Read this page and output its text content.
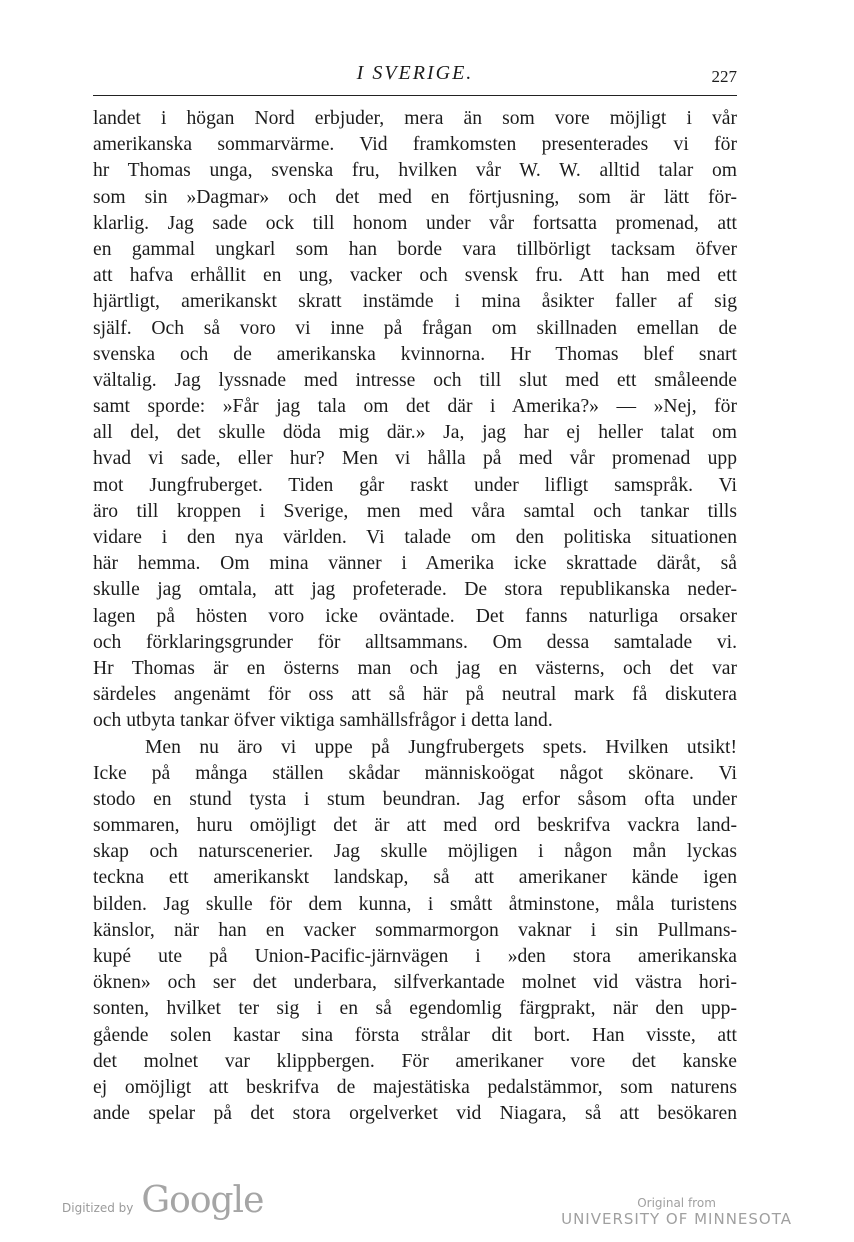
I SVERIGE.	227
landet i högan Nord erbjuder, mera än som vore möjligt i vår
amerikanska sommarvärme. Vid framkomsten presenterades vi för
hr Thomas unga, svenska fru, hvilken vår W. W. alltid talar om
som sin »Dagmar» och det med en förtjusning, som är lätt för-
klarlig. Jag sade ock till honom under vår fortsatta promenad, att
en gammal ungkarl som han borde vara tillbörligt tacksam öfver
att hafva erhållit en ung, vacker och svensk fru. Att han med ett
hjärtligt, amerikanskt skratt instämde i mina åsikter faller af sig
själf. Och så voro vi inne på frågan om skillnaden emellan de
svenska och de amerikanska kvinnorna. Hr Thomas blef snart
vältalig. Jag lyssnade med intresse och till slut med ett småleende
samt sporde: »Får jag tala om det där i Amerika?» — »Nej, för
all del, det skulle döda mig där.» Ja, jag har ej heller talat om
hvad vi sade, eller hur? Men vi hålla på med vår promenad upp
mot Jungfruberget. Tiden går raskt under lifligt samspråk. Vi
äro till kroppen i Sverige, men med våra samtal och tankar tills
vidare i den nya världen. Vi talade om den politiska situationen
här hemma. Om mina vänner i Amerika icke skrattade däråt, så
skulle jag omtala, att jag profeterade. De stora republikanska neder-
lagen på hösten voro icke oväntade. Det fanns naturliga orsaker
och förklaringsgrunder för alltsammans. Om dessa samtalade vi.
Hr Thomas är en österns man och jag en västerns, och det var
särdeles angenämt för oss att så här på neutral mark få diskutera
och utbyta tankar öfver viktiga samhällsfrågor i detta land.
Men nu äro vi uppe på Jungfrubergets spets. Hvilken utsikt!
Icke på många ställen skådar människoögat något skönare. Vi
stodo en stund tysta i stum beundran. Jag erfor såsom ofta under
sommaren, huru omöjligt det är att med ord beskrifva vackra land-
skap och naturscenerier. Jag skulle möjligen i någon mån lyckas
teckna ett amerikanskt landskap, så att amerikaner kände igen
bilden. Jag skulle för dem kunna, i smått åtminstone, måla turistens
känslor, när han en vacker sommarmorgon vaknar i sin Pullmans-
kupé ute på Union-Pacific-järnvägen i »den stora amerikanska
öknen» och ser det underbara, silfverkantade molnet vid västra hori-
sonten, hvilket ter sig i en så egendomlig färgprakt, när den upp-
gående solen kastar sina första strålar dit bort. Han visste, att
det molnet var klippbergen. För amerikaner vore det kanske
ej omöjligt att beskrifva de majestätiska pedalstämmor, som naturens
ande spelar på det stora orgelverket vid Niagara, så att besökaren
Digitized by Google	Original from
UNIVERSITY OF MINNESOTA
